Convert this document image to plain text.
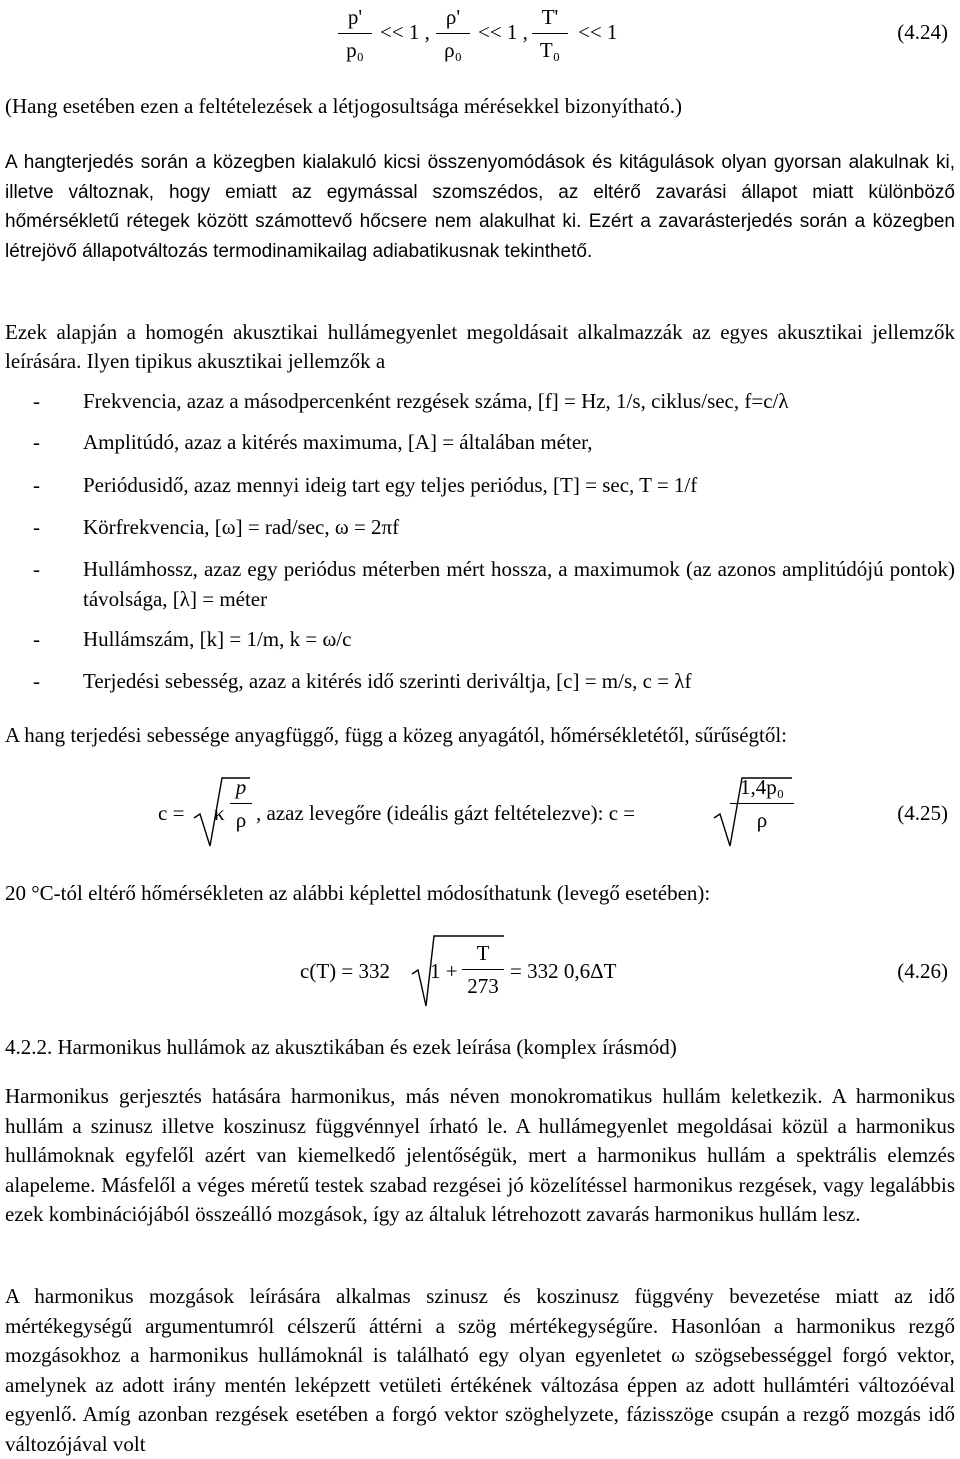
p'
p₀
<< 1 ,
ρ'
ρ₀
<< 1 ,
T'
T₀
<< 1	(4.24)
(Hang esetében ezen a feltételezések a létjogosultsága mérésekkel bizonyítható.)
A hangterjedés során a közegben kialakuló kicsi összenyomódások és kitágulások olyan gyorsan alakulnak ki, illetve változnak, hogy emiatt az egymással szomszédos, az eltérő zavarási állapot miatt különböző hőmérsékletű rétegek között számottevő hőcsere nem alakulhat ki. Ezért a zavarásterjedés során a közegben létrejövő állapotváltozás termodinamikailag adiabatikusnak tekinthető.
Ezek alapján a homogén akusztikai hullámegyenlet megoldásait alkalmazzák az egyes akusztikai jellemzők leírására. Ilyen tipikus akusztikai jellemzők a
- Frekvencia, azaz a másodpercenként rezgések száma, [f] = Hz, 1/s, ciklus/sec, f=c/λ
- Amplitúdó, azaz a kitérés maximuma, [A] = általában méter,
- Periódusidő, azaz mennyi ideig tart egy teljes periódus, [T] = sec, T = 1/f
- Körfrekvencia, [ω] = rad/sec, ω = 2πf
- Hullámhossz, azaz egy periódus méterben mért hossza, a maximumok (az azonos amplitúdójú pontok) távolsága, [λ] = méter
- Hullámszám, [k] = 1/m, k = ω/c
- Terjedési sebesség, azaz a kitérés idő szerinti deriváltja, [c] = m/s, c = λf
A hang terjedési sebessége anyagfüggő, függ a közeg anyagától, hőmérsékletétől, sűrűségtől:
c = κ
p
ρ , azaz levegőre (ideális gázt feltételezve): c =
1,4p₀
ρ	(4.25)
20 °C-tól eltérő hőmérsékleten az alábbi képlettel módosíthatunk (levegő esetében):
c(T) = 332 1 +
T
273
= 332 0,6ΔT	(4.26)
4.2.2. Harmonikus hullámok az akusztikában és ezek leírása (komplex írásmód)
Harmonikus gerjesztés hatására harmonikus, más néven monokromatikus hullám keletkezik. A harmonikus hullám a szinusz illetve koszinusz függvénnyel írható le. A hullámegyenlet megoldásai közül a harmonikus hullámoknak egyfelől azért van kiemelkedő jelentőségük, mert a harmonikus hullám a spektrális elemzés alapeleme. Másfelől a véges méretű testek szabad rezgései jó közelítéssel harmonikus rezgések, vagy legalábbis ezek kombinációjából összeálló mozgások, így az általuk létrehozott zavarás harmonikus hullám lesz.
A harmonikus mozgások leírására alkalmas szinusz és koszinusz függvény bevezetése miatt az idő mértékegységű argumentumról célszerű áttérni a szög mértékegységűre. Hasonlóan a harmonikus rezgő mozgásokhoz a harmonikus hullámoknál is található egy olyan egyenletet ω szögsebességgel forgó vektor, amelynek az adott irány mentén leképzett vetületi értékének változása éppen az adott hullámtéri változóéval egyenlő. Amíg azonban rezgések esetében a forgó vektor szöghelyzete, fázisszöge csupán a rezgő mozgás idő változójával volt
